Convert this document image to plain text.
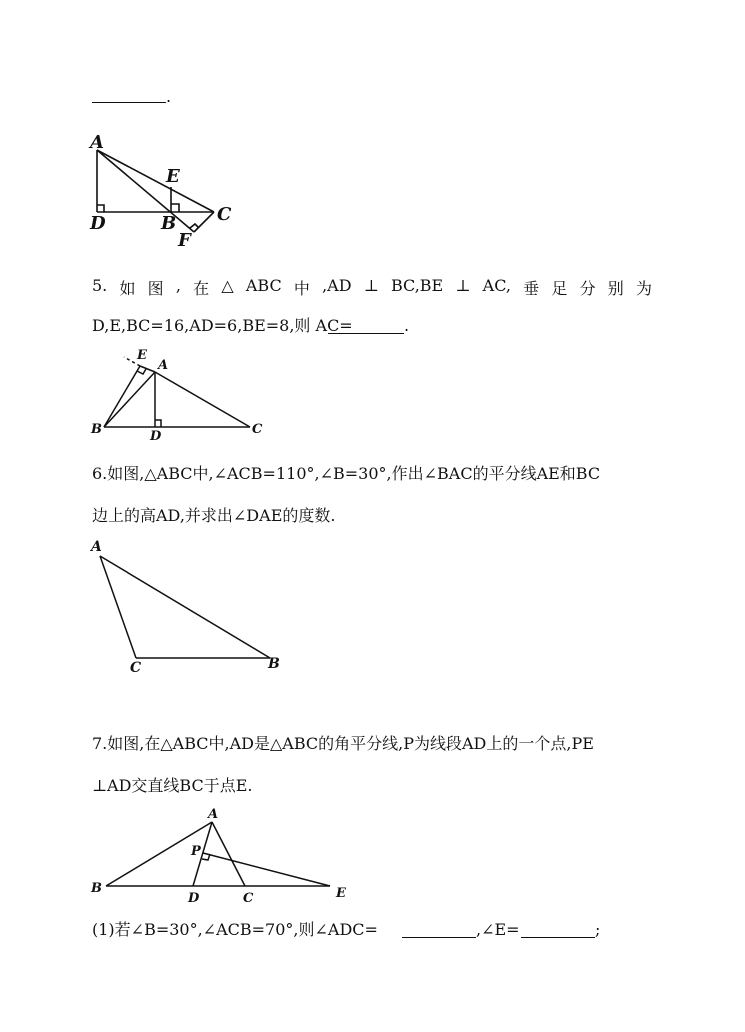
.
A
E
C
D	B
F
5. 如 图 , 在 △ ABC 中 ,AD ⊥ BC,BE ⊥ AC, 垂 足 分 别 为
D,E,BC=16,AD=6,BE=8,则 AC=	.
E
A
B	D	C
6.如图,△ABC中,∠ACB=110°,∠B=30°,作出∠BAC的平分线AE和BC
边上的高AD,并求出∠DAE的度数.
A
C	B
7.如图,在△ABC中,AD是△ABC的角平分线,P为线段AD上的一个点,PE
⊥AD交直线BC于点E.
A
P
B
D	C	E
(1)若∠B=30°,∠ACB=70°,则∠ADC=	,∠E=	;
